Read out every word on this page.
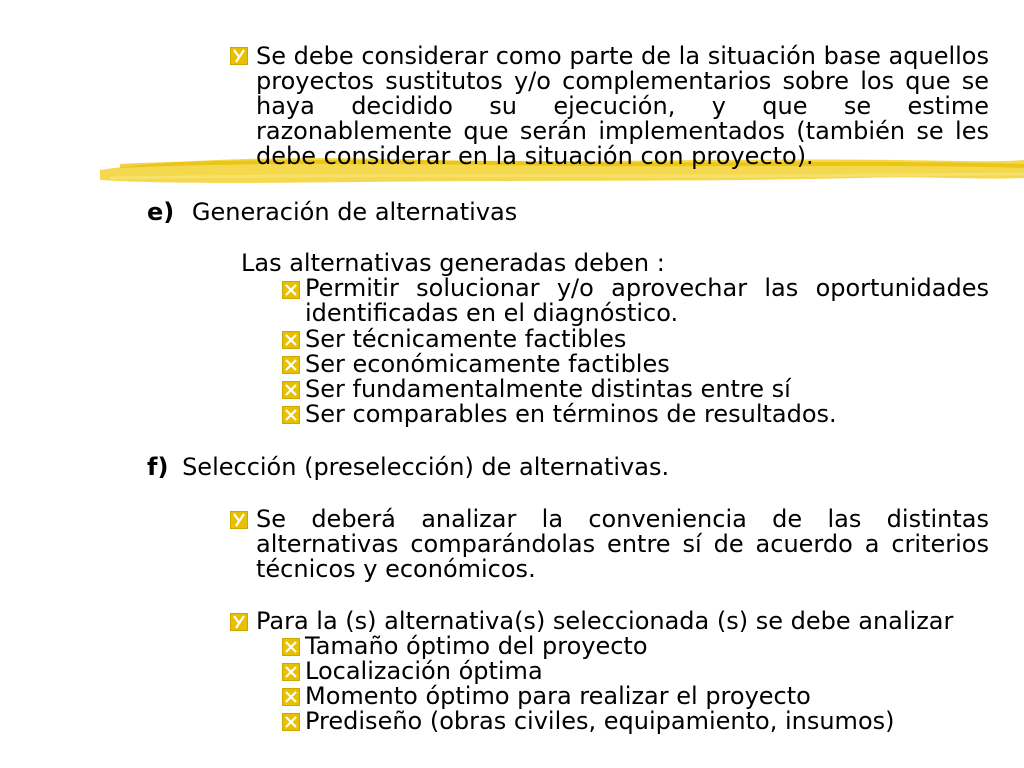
Se debe considerar como parte de la situación base aquellos proyectos sustitutos y/o complementarios sobre los que se haya decidido su ejecución, y que se estime razonablemente que serán implementados (también se les debe considerar en la situación con proyecto).
e) Generación de alternativas
Las alternativas generadas deben :
Permitir solucionar y/o aprovechar las oportunidades identificadas en el diagnóstico.
Ser técnicamente factibles
Ser económicamente factibles
Ser fundamentalmente distintas entre sí
Ser comparables en términos de resultados.
f) Selección (preselección) de alternativas.
Se deberá analizar la conveniencia de las distintas alternativas comparándolas entre sí de acuerdo a criterios técnicos y económicos.
Para la (s) alternativa(s) seleccionada (s) se debe analizar
Tamaño óptimo del proyecto
Localización óptima
Momento óptimo para realizar el proyecto
Prediseño (obras civiles, equipamiento, insumos)
